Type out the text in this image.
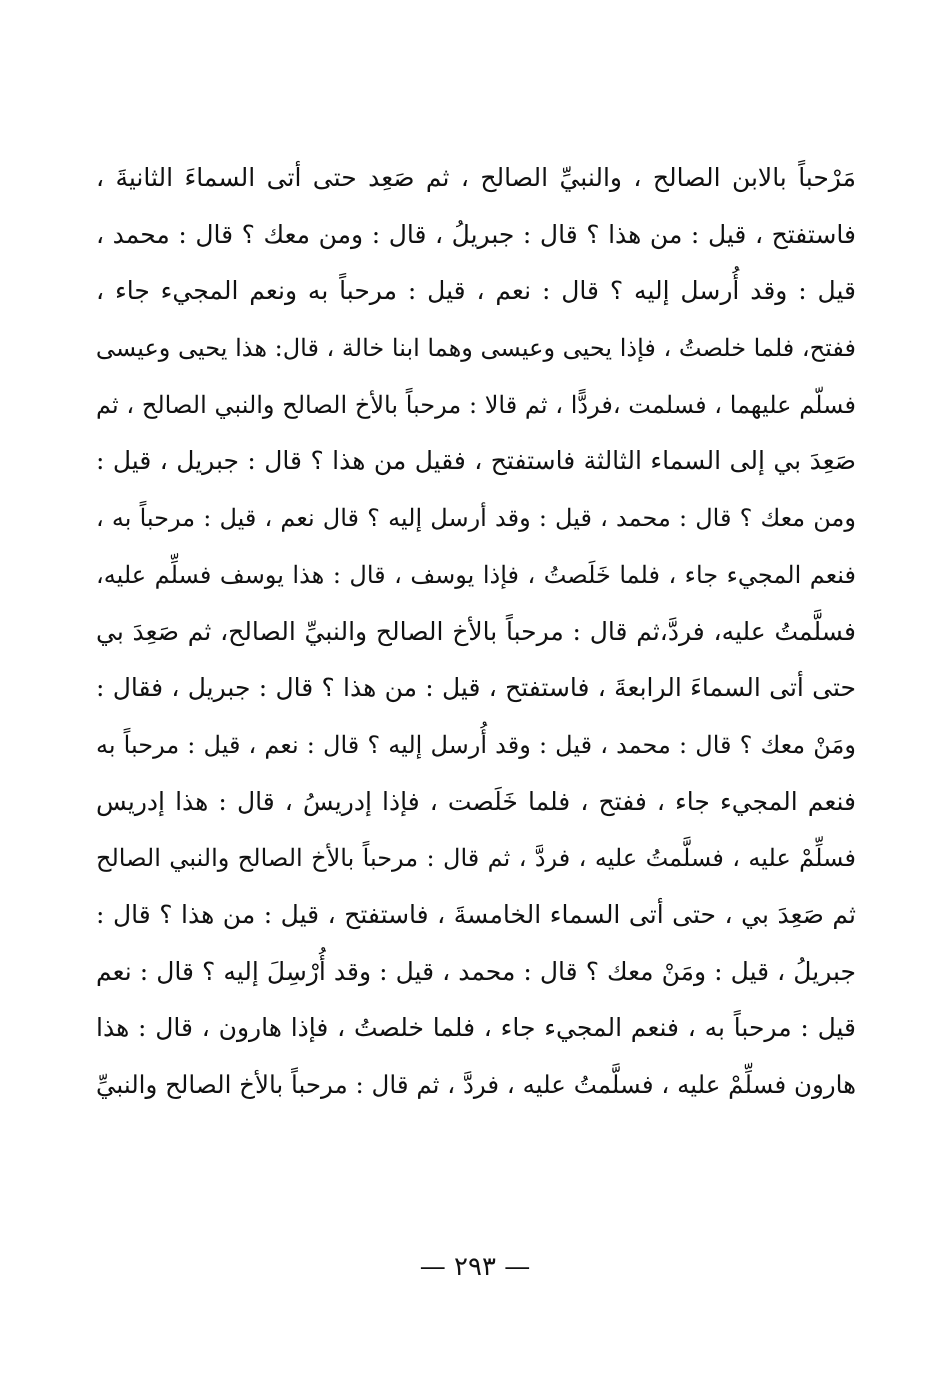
مَرْحباً بالابن الصالح ، والنبيِّ الصالح ، ثم صَعِد حتى أتى السماءَ الثانيةَ ،
فاستفتح ، قيل : من هذا ؟ قال : جبريلُ ، قال : ومن معك ؟ قال : محمد ،
قيل : وقد أُرسل إليه ؟ قال : نعم ، قيل : مرحباً به ونعم المجيء جاء ،
ففتح، فلما خلصتُ ، فإذا يحيى وعيسى وهما ابنا خالة ، قال: هذا يحيى وعيسى
فسلّم عليهما ، فسلمت ،فردًّا ، ثم قالا : مرحباً بالأخ الصالح والنبي الصالح ، ثم
صَعِدَ بي إلى السماء الثالثة فاستفتح ، فقيل من هذا ؟ قال : جبريل ، قيل :
ومن معك ؟ قال : محمد ، قيل : وقد أرسل إليه ؟ قال نعم ، قيل : مرحباً به ،
فنعم المجيء جاء ، فلما خَلَصتُ ، فإذا يوسف ، قال : هذا يوسف فسلِّم عليه،
فسلَّمتُ عليه، فردَّ،ثم قال : مرحباً بالأخ الصالح والنبيِّ الصالح، ثم صَعِدَ بي
حتى أتى السماءَ الرابعةَ ، فاستفتح ، قيل : من هذا ؟ قال : جبريل ، فقال :
ومَنْ معك ؟ قال : محمد ، قيل : وقد أُرسل إليه ؟ قال : نعم ، قيل : مرحباً به
فنعم المجيء جاء ، ففتح ، فلما خَلَصت ، فإذا إدريسُ ، قال : هذا إدريس
فسلِّمْ عليه ، فسلَّمتُ عليه ، فردَّ ، ثم قال : مرحباً بالأخ الصالح والنبي الصالح
ثم صَعِدَ بي ، حتى أتى السماء الخامسةَ ، فاستفتح ، قيل : من هذا ؟ قال :
جبريلُ ، قيل : ومَنْ معك ؟ قال : محمد ، قيل : وقد أُرْسِلَ إليه ؟ قال : نعم
قيل : مرحباً به ، فنعم المجيء جاء ، فلما خلصتُ ، فإذا هارون ، قال : هذا
هارون فسلِّمْ عليه ، فسلَّمتُ عليه ، فردَّ ، ثم قال : مرحباً بالأخ الصالح والنبيِّ
— ٢٩٣ —
